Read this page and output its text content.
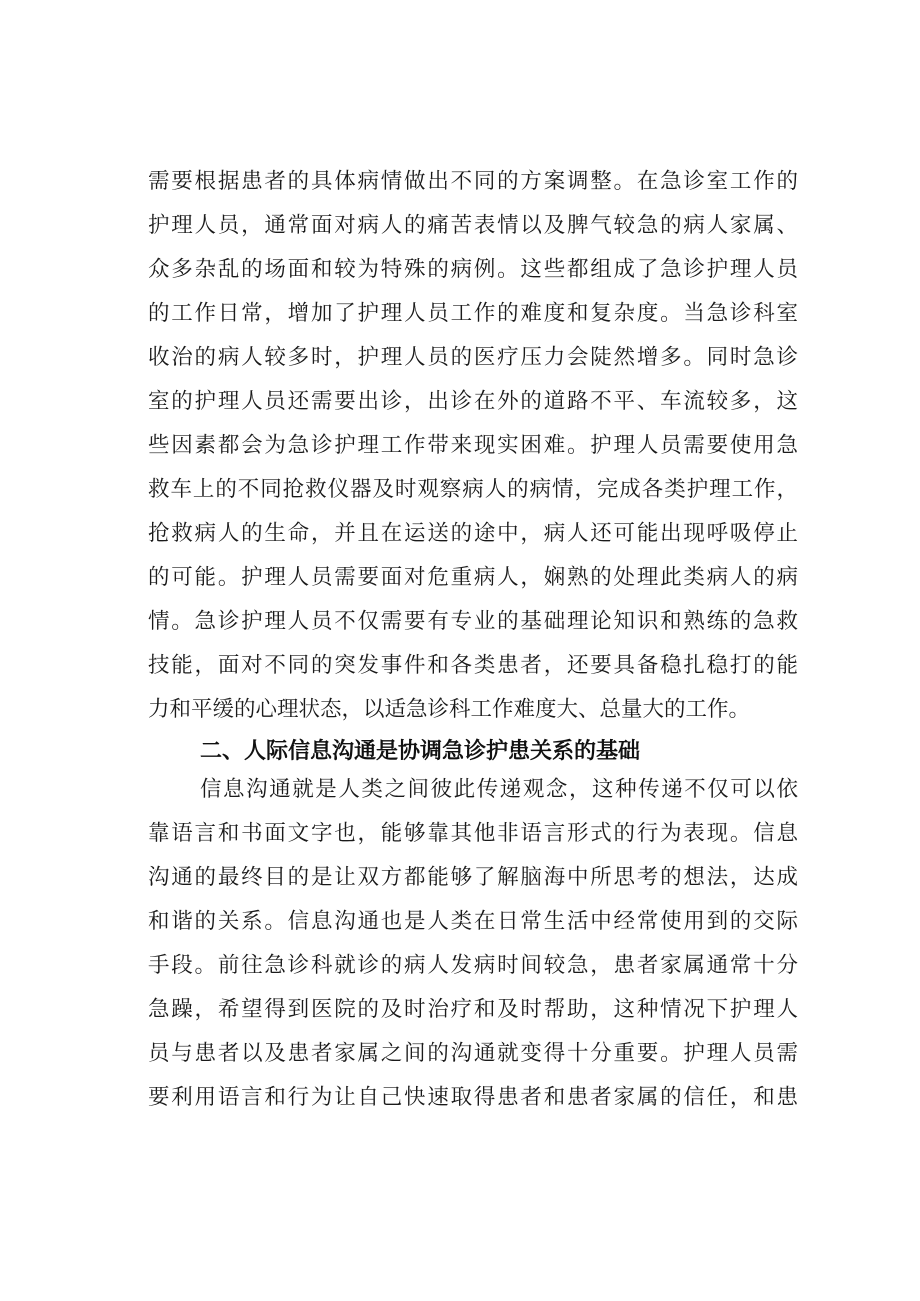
需要根据患者的具体病情做出不同的方案调整。在急诊室工作的
护理人员，通常面对病人的痛苦表情以及脾气较急的病人家属、
众多杂乱的场面和较为特殊的病例。这些都组成了急诊护理人员
的工作日常，增加了护理人员工作的难度和复杂度。当急诊科室
收治的病人较多时，护理人员的医疗压力会陡然增多。同时急诊
室的护理人员还需要出诊，出诊在外的道路不平、车流较多，这
些因素都会为急诊护理工作带来现实困难。护理人员需要使用急
救车上的不同抢救仪器及时观察病人的病情，完成各类护理工作，
抢救病人的生命，并且在运送的途中，病人还可能出现呼吸停止
的可能。护理人员需要面对危重病人，娴熟的处理此类病人的病
情。急诊护理人员不仅需要有专业的基础理论知识和熟练的急救
技能，面对不同的突发事件和各类患者，还要具备稳扎稳打的能
力和平缓的心理状态，以适急诊科工作难度大、总量大的工作。
二、人际信息沟通是协调急诊护患关系的基础
信息沟通就是人类之间彼此传递观念，这种传递不仅可以依
靠语言和书面文字也，能够靠其他非语言形式的行为表现。信息
沟通的最终目的是让双方都能够了解脑海中所思考的想法，达成
和谐的关系。信息沟通也是人类在日常生活中经常使用到的交际
手段。前往急诊科就诊的病人发病时间较急，患者家属通常十分
急躁，希望得到医院的及时治疗和及时帮助，这种情况下护理人
员与患者以及患者家属之间的沟通就变得十分重要。护理人员需
要利用语言和行为让自己快速取得患者和患者家属的信任，和患
